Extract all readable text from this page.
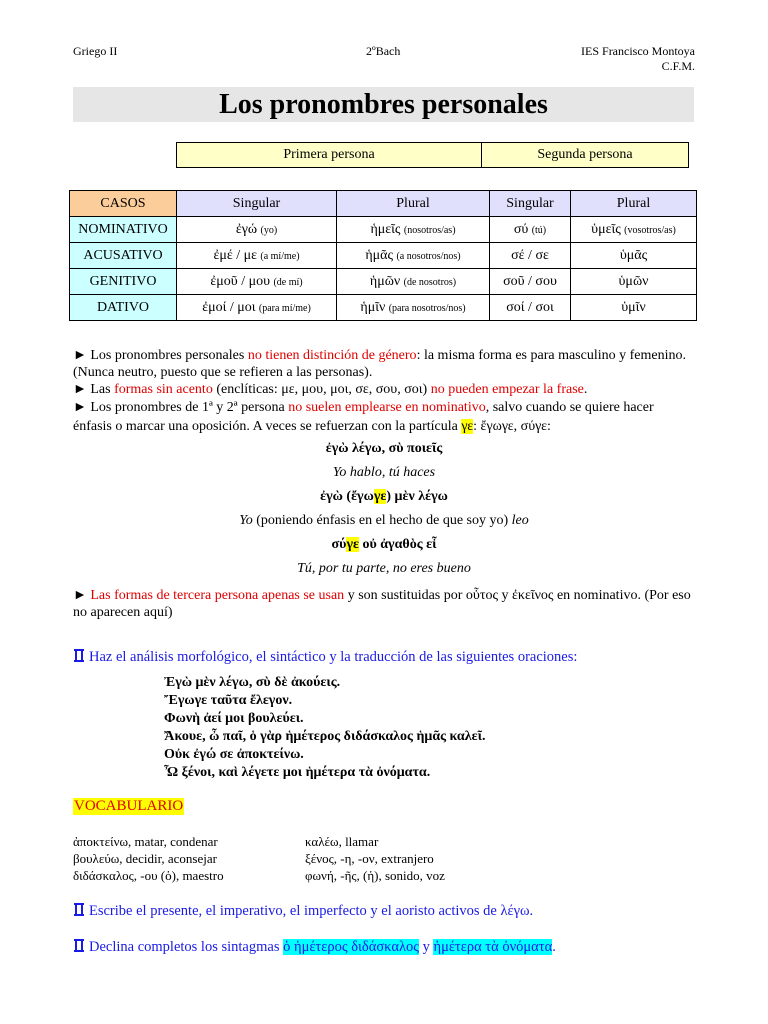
Griego II	2ºBach	IES Francisco Montoya
C.F.M.
Los pronombres personales
Primera persona	Segunda persona
CASOS	Singular	Plural	Singular	Plural
NOMINATIVO	ἐγώ (yo)	ἡμεῖς (nosotros/as)	σύ (tú)	ὑμεῖς (vosotros/as)
ACUSATIVO	ἐμέ / με (a mí/me)	ἡμᾶς (a nosotros/nos)	σέ / σε	ὑμᾶς
GENITIVO	ἐμοῦ / μου (de mí)	ἡμῶν (de nosotros)	σοῦ / σου	ὑμῶν
DATIVO	ἐμοί / μοι (para mí/me)	ἡμῖν (para nosotros/nos)	σοί / σοι	ὑμῖν
► Los pronombres personales no tienen distinción de género: la misma forma es para masculino y femenino. (Nunca neutro, puesto que se refieren a las personas).
► Las formas sin acento (enclíticas: με, μου, μοι, σε, σου, σοι) no pueden empezar la frase.
► Los pronombres de 1ª y 2ª persona no suelen emplearse en nominativo, salvo cuando se quiere hacer énfasis o marcar una oposición. A veces se refuerzan con la partícula γε: ἔγωγε, σύγε:
ἐγὼ λέγω, σὺ ποιεῖς
Yo hablo, tú haces
ἐγὼ (ἔγωγε) μὲν λέγω
Yo (poniendo énfasis en el hecho de que soy yo) leo
σύγε οὐ ἀγαθὸς εἶ
Tú, por tu parte, no eres bueno
► Las formas de tercera persona apenas se usan y son sustituidas por οὗτος y ἐκεῖνος en nominativo. (Por eso no aparecen aquí)
Haz el análisis morfológico, el sintáctico y la traducción de las siguientes oraciones:
Ἐγὼ μὲν λέγω, σὺ δὲ ἀκούεις.
Ἔγωγε ταῦτα ἔλεγον.
Φωνὴ ἀεί μοι βουλεύει.
Ἄκουε, ὦ παῖ, ὁ γὰρ ἡμέτερος διδάσκαλος ἡμᾶς καλεῖ.
Οὐκ ἐγώ σε ἀποκτείνω.
Ὦ ξένοι, καὶ λέγετε μοι ἡμέτερα τὰ ὀνόματα.
VOCABULARIO
ἀποκτείνω, matar, condenar
βουλεύω, decidir, aconsejar
διδάσκαλος, -ου (ὁ), maestro
καλέω, llamar
ξένος, -η, -ον, extranjero
φωνή, -ῆς, (ἡ), sonido, voz
Escribe el presente, el imperativo, el imperfecto y el aoristo activos de λέγω.
Declina completos los sintagmas ὁ ἡμέτερος διδάσκαλος y ἡμέτερα τὰ ὀνόματα.
